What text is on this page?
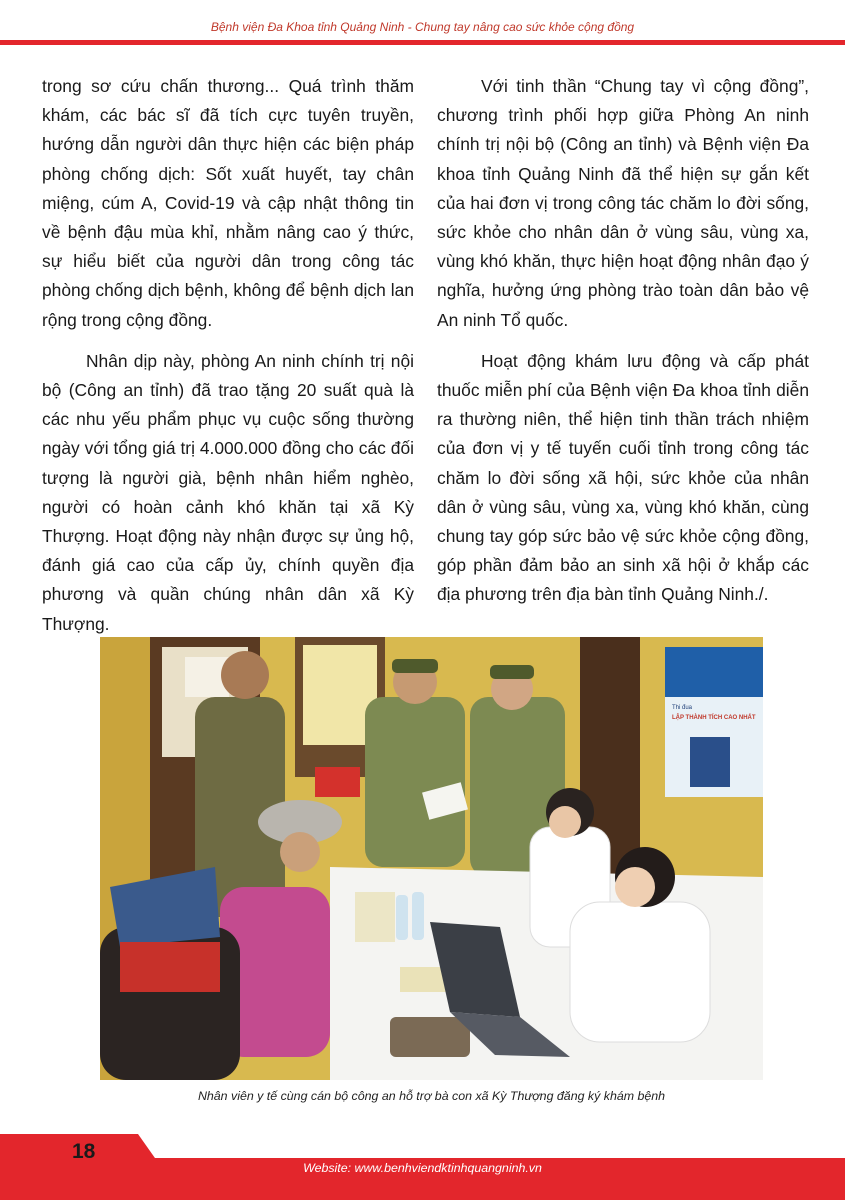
Bệnh viện Đa Khoa tỉnh Quảng Ninh - Chung tay nâng cao sức khỏe cộng đồng

trong sơ cứu chấn thương... Quá trình thăm khám, các bác sĩ đã tích cực tuyên truyền, hướng dẫn người dân thực hiện các biện pháp phòng chống dịch: Sốt xuất huyết, tay chân miệng, cúm A, Covid-19 và cập nhật thông tin về bệnh đậu mùa khỉ, nhằm nâng cao ý thức, sự hiểu biết của người dân trong công tác phòng chống dịch bệnh, không để bệnh dịch lan rộng trong cộng đồng.

Nhân dịp này, phòng An ninh chính trị nội bộ (Công an tỉnh) đã trao tặng 20 suất quà là các nhu yếu phẩm phục vụ cuộc sống thường ngày với tổng giá trị 4.000.000 đồng cho các đối tượng là người già, bệnh nhân hiểm nghèo, người có hoàn cảnh khó khăn tại xã Kỳ Thượng. Hoạt động này nhận được sự ủng hộ, đánh giá cao của cấp ủy, chính quyền địa phương và quần chúng nhân dân xã Kỳ Thượng.

Với tinh thần “Chung tay vì cộng đồng”, chương trình phối hợp giữa Phòng An ninh chính trị nội bộ (Công an tỉnh) và Bệnh viện Đa khoa tỉnh Quảng Ninh đã thể hiện sự gắn kết của hai đơn vị trong công tác chăm lo đời sống, sức khỏe cho nhân dân ở vùng sâu, vùng xa, vùng khó khăn, thực hiện hoạt động nhân đạo ý nghĩa, hưởng ứng phòng trào toàn dân bảo vệ An ninh Tổ quốc.

Hoạt động khám lưu động và cấp phát thuốc miễn phí của Bệnh viện Đa khoa tỉnh diễn ra thường niên, thể hiện tinh thần trách nhiệm của đơn vị y tế tuyến cuối tỉnh trong công tác chăm lo đời sống xã hội, sức khỏe của nhân dân ở vùng sâu, vùng xa, vùng khó khăn, cùng chung tay góp sức bảo vệ sức khỏe cộng đồng, góp phần đảm bảo an sinh xã hội ở khắp các địa phương trên địa bàn tỉnh Quảng Ninh./.

Thi đua
LẬP THÀNH TÍCH CAO NHẤT
Nhân viên y tế cùng cán bộ công an hỗ trợ bà con xã Kỳ Thượng đăng ký khám bệnh
18
Website: www.benhviendktinhquangninh.vn
